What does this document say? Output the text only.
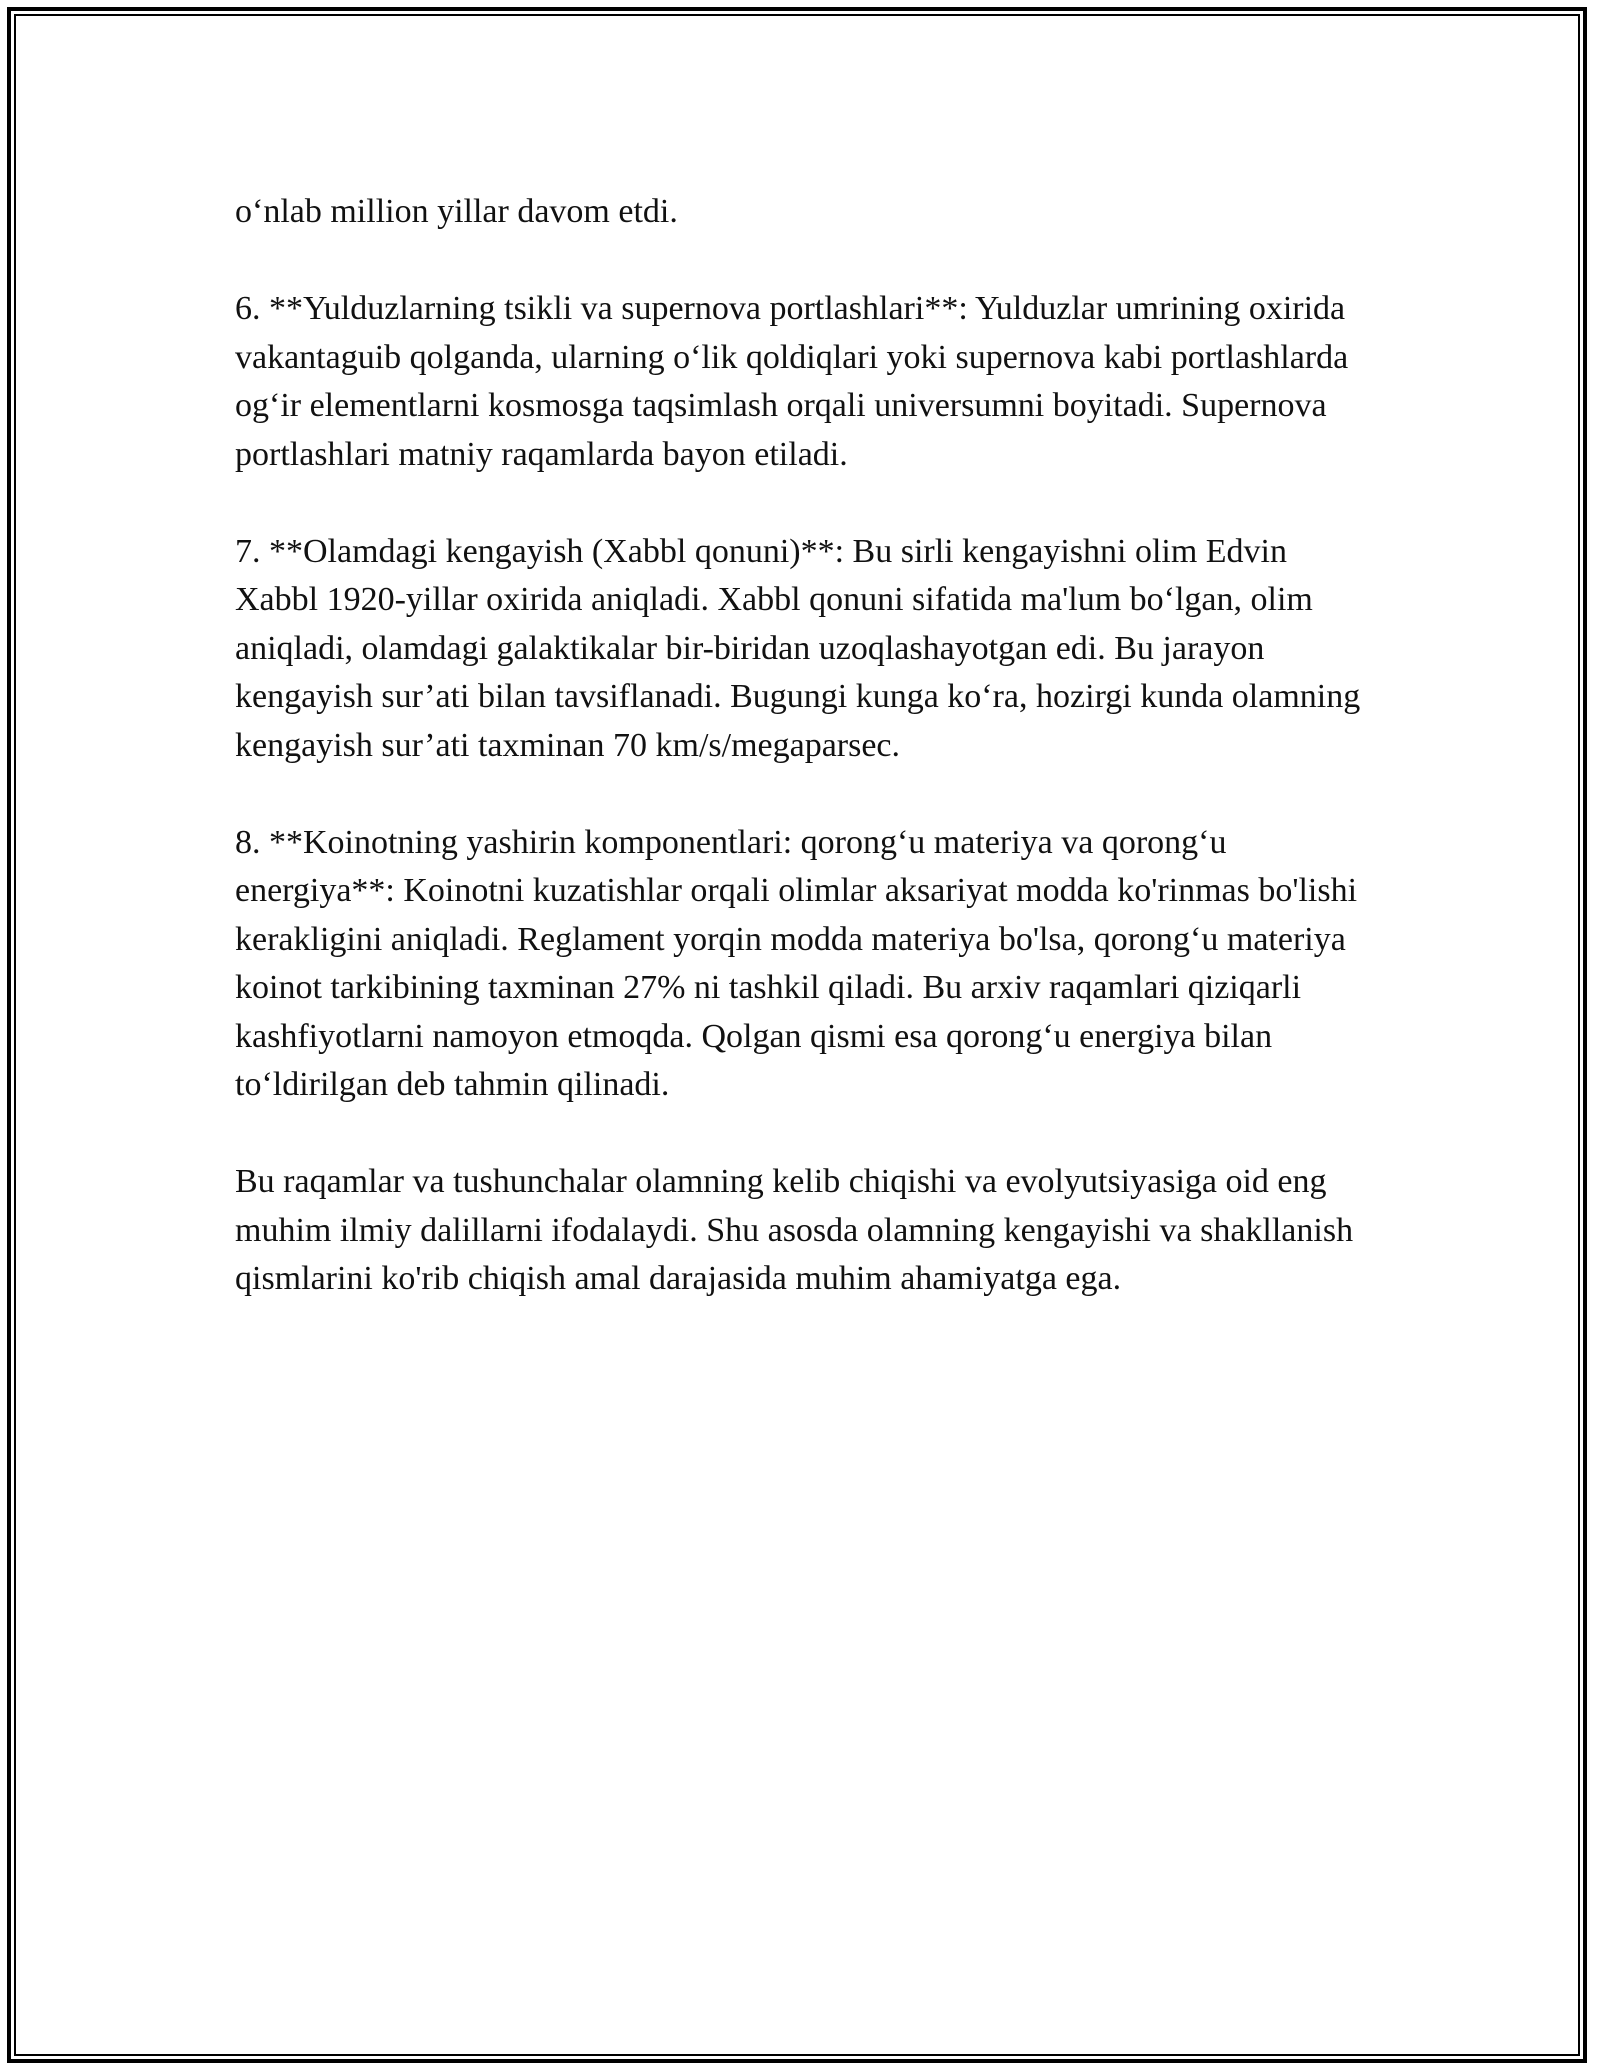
o‘nlab million yillar davom etdi.

6. **Yulduzlarning tsikli va supernova portlashlari**: Yulduzlar umrining oxirida vakantaguib qolganda, ularning o‘lik qoldiqlari yoki supernova kabi portlashlarda og‘ir elementlarni kosmosga taqsimlash orqali universumni boyitadi. Supernova portlashlari matniy raqamlarda bayon etiladi.

7. **Olamdagi kengayish (Xabbl qonuni)**: Bu sirli kengayishni olim Edvin Xabbl 1920-yillar oxirida aniqladi. Xabbl qonuni sifatida ma'lum bo‘lgan, olim aniqladi, olamdagi galaktikalar bir-biridan uzoqlashayotgan edi. Bu jarayon kengayish sur’ati bilan tavsiflanadi. Bugungi kunga ko‘ra, hozirgi kunda olamning kengayish sur’ati taxminan 70 km/s/megaparsec.

8. **Koinotning yashirin komponentlari: qorong‘u materiya va qorong‘u energiya**: Koinotni kuzatishlar orqali olimlar aksariyat modda ko'rinmas bo'lishi kerakligini aniqladi. Reglament yorqin modda materiya bo'lsa, qorong‘u materiya koinot tarkibining taxminan 27% ni tashkil qiladi. Bu arxiv raqamlari qiziqarli kashfiyotlarni namoyon etmoqda. Qolgan qismi esa qorong‘u energiya bilan to‘ldirilgan deb tahmin qilinadi.

Bu raqamlar va tushunchalar olamning kelib chiqishi va evolyutsiyasiga oid eng muhim ilmiy dalillarni ifodalaydi. Shu asosda olamning kengayishi va shakllanish qismlarini ko'rib chiqish amal darajasida muhim ahamiyatga ega.
